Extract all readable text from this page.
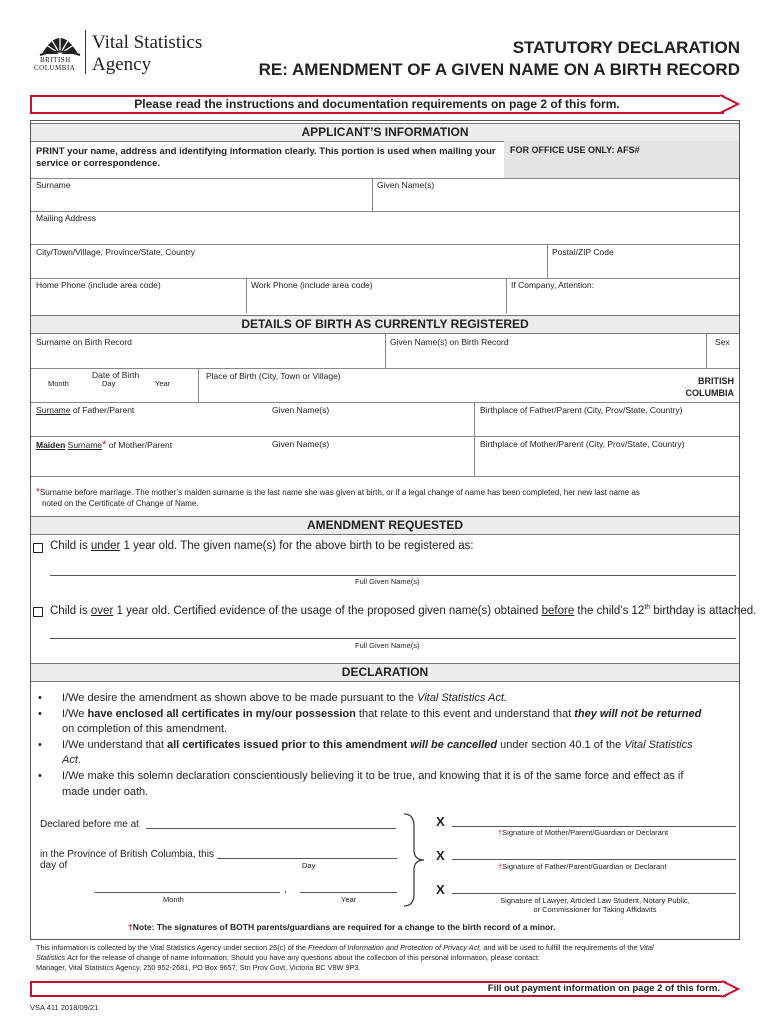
BRITISH
COLUMBIA
Vital Statistics
Agency
STATUTORY DECLARATION
RE: AMENDMENT OF A GIVEN NAME ON A BIRTH RECORD
Please read the instructions and documentation requirements on page 2 of this form.
APPLICANT’S INFORMATION
PRINT your name, address and identifying information clearly. This portion is used when mailing your service or correspondence.
FOR OFFICE USE ONLY: AFS#
Surname	Given Name(s)
Mailing Address
City/Town/Village, Province/State, Country	Postal/ZIP Code
Home Phone (include area code)	Work Phone (include area code)	If Company, Attention:
DETAILS OF BIRTH AS CURRENTLY REGISTERED
Surname on Birth Record	Given Name(s) on Birth Record	Sex
Date of Birth
Month	Day	Year
Place of Birth (City, Town or Village)	BRITISH
COLUMBIA
Surname of Father/Parent	Given Name(s)	Birthplace of Father/Parent (City, Prov/State, Country)
Maiden Surname* of Mother/Parent	Given Name(s)	Birthplace of Mother/Parent (City, Prov/State, Country)
*Surname before marriage. The mother’s maiden surname is the last name she was given at birth, or if a legal change of name has been completed, her new last name as
noted on the Certificate of Change of Name.
AMENDMENT REQUESTED
Child is under 1 year old. The given name(s) for the above birth to be registered as:
Full Given Name(s)
Child is over 1 year old. Certified evidence of the usage of the proposed given name(s) obtained before the child’s 12th birthday is attached.
Full Given Name(s)
DECLARATION
• I/We desire the amendment as shown above to be made pursuant to the Vital Statistics Act.
• I/We have enclosed all certificates in my/our possession that relate to this event and understand that they will not be returned
on completion of this amendment.
• I/We understand that all certificates issued prior to this amendment will be cancelled under section 40.1 of the Vital Statistics
Act.
• I/We make this solemn declaration conscientiously believing it to be true, and knowing that it is of the same force and effect as if
made under oath.
Declared before me at
in the Province of British Columbia, this
day of	Day
,
Month	Year
X
†Signature of Mother/Parent/Guardian or Declarant
X
†Signature of Father/Parent/Guardian or Declarant
X
Signature of Lawyer, Articled Law Student, Notary Public,
or Commissioner for Taking Affidavits
†Note: The signatures of BOTH parents/guardians are required for a change to the birth record of a minor.
This information is collected by the Vital Statistics Agency under section 26(c) of the Freedom of Information and Protection of Privacy Act, and will be used to fulfill the requirements of the Vital
Statistics Act for the release of change of name information. Should you have any questions about the collection of this personal information, please contact:
Manager, Vital Statistics Agency, 250 952-2681, PO Box 9657, Stn Prov Govt, Victoria BC V8W 9P3.
Fill out payment information on page 2 of this form.
VSA 411 2018/09/21
